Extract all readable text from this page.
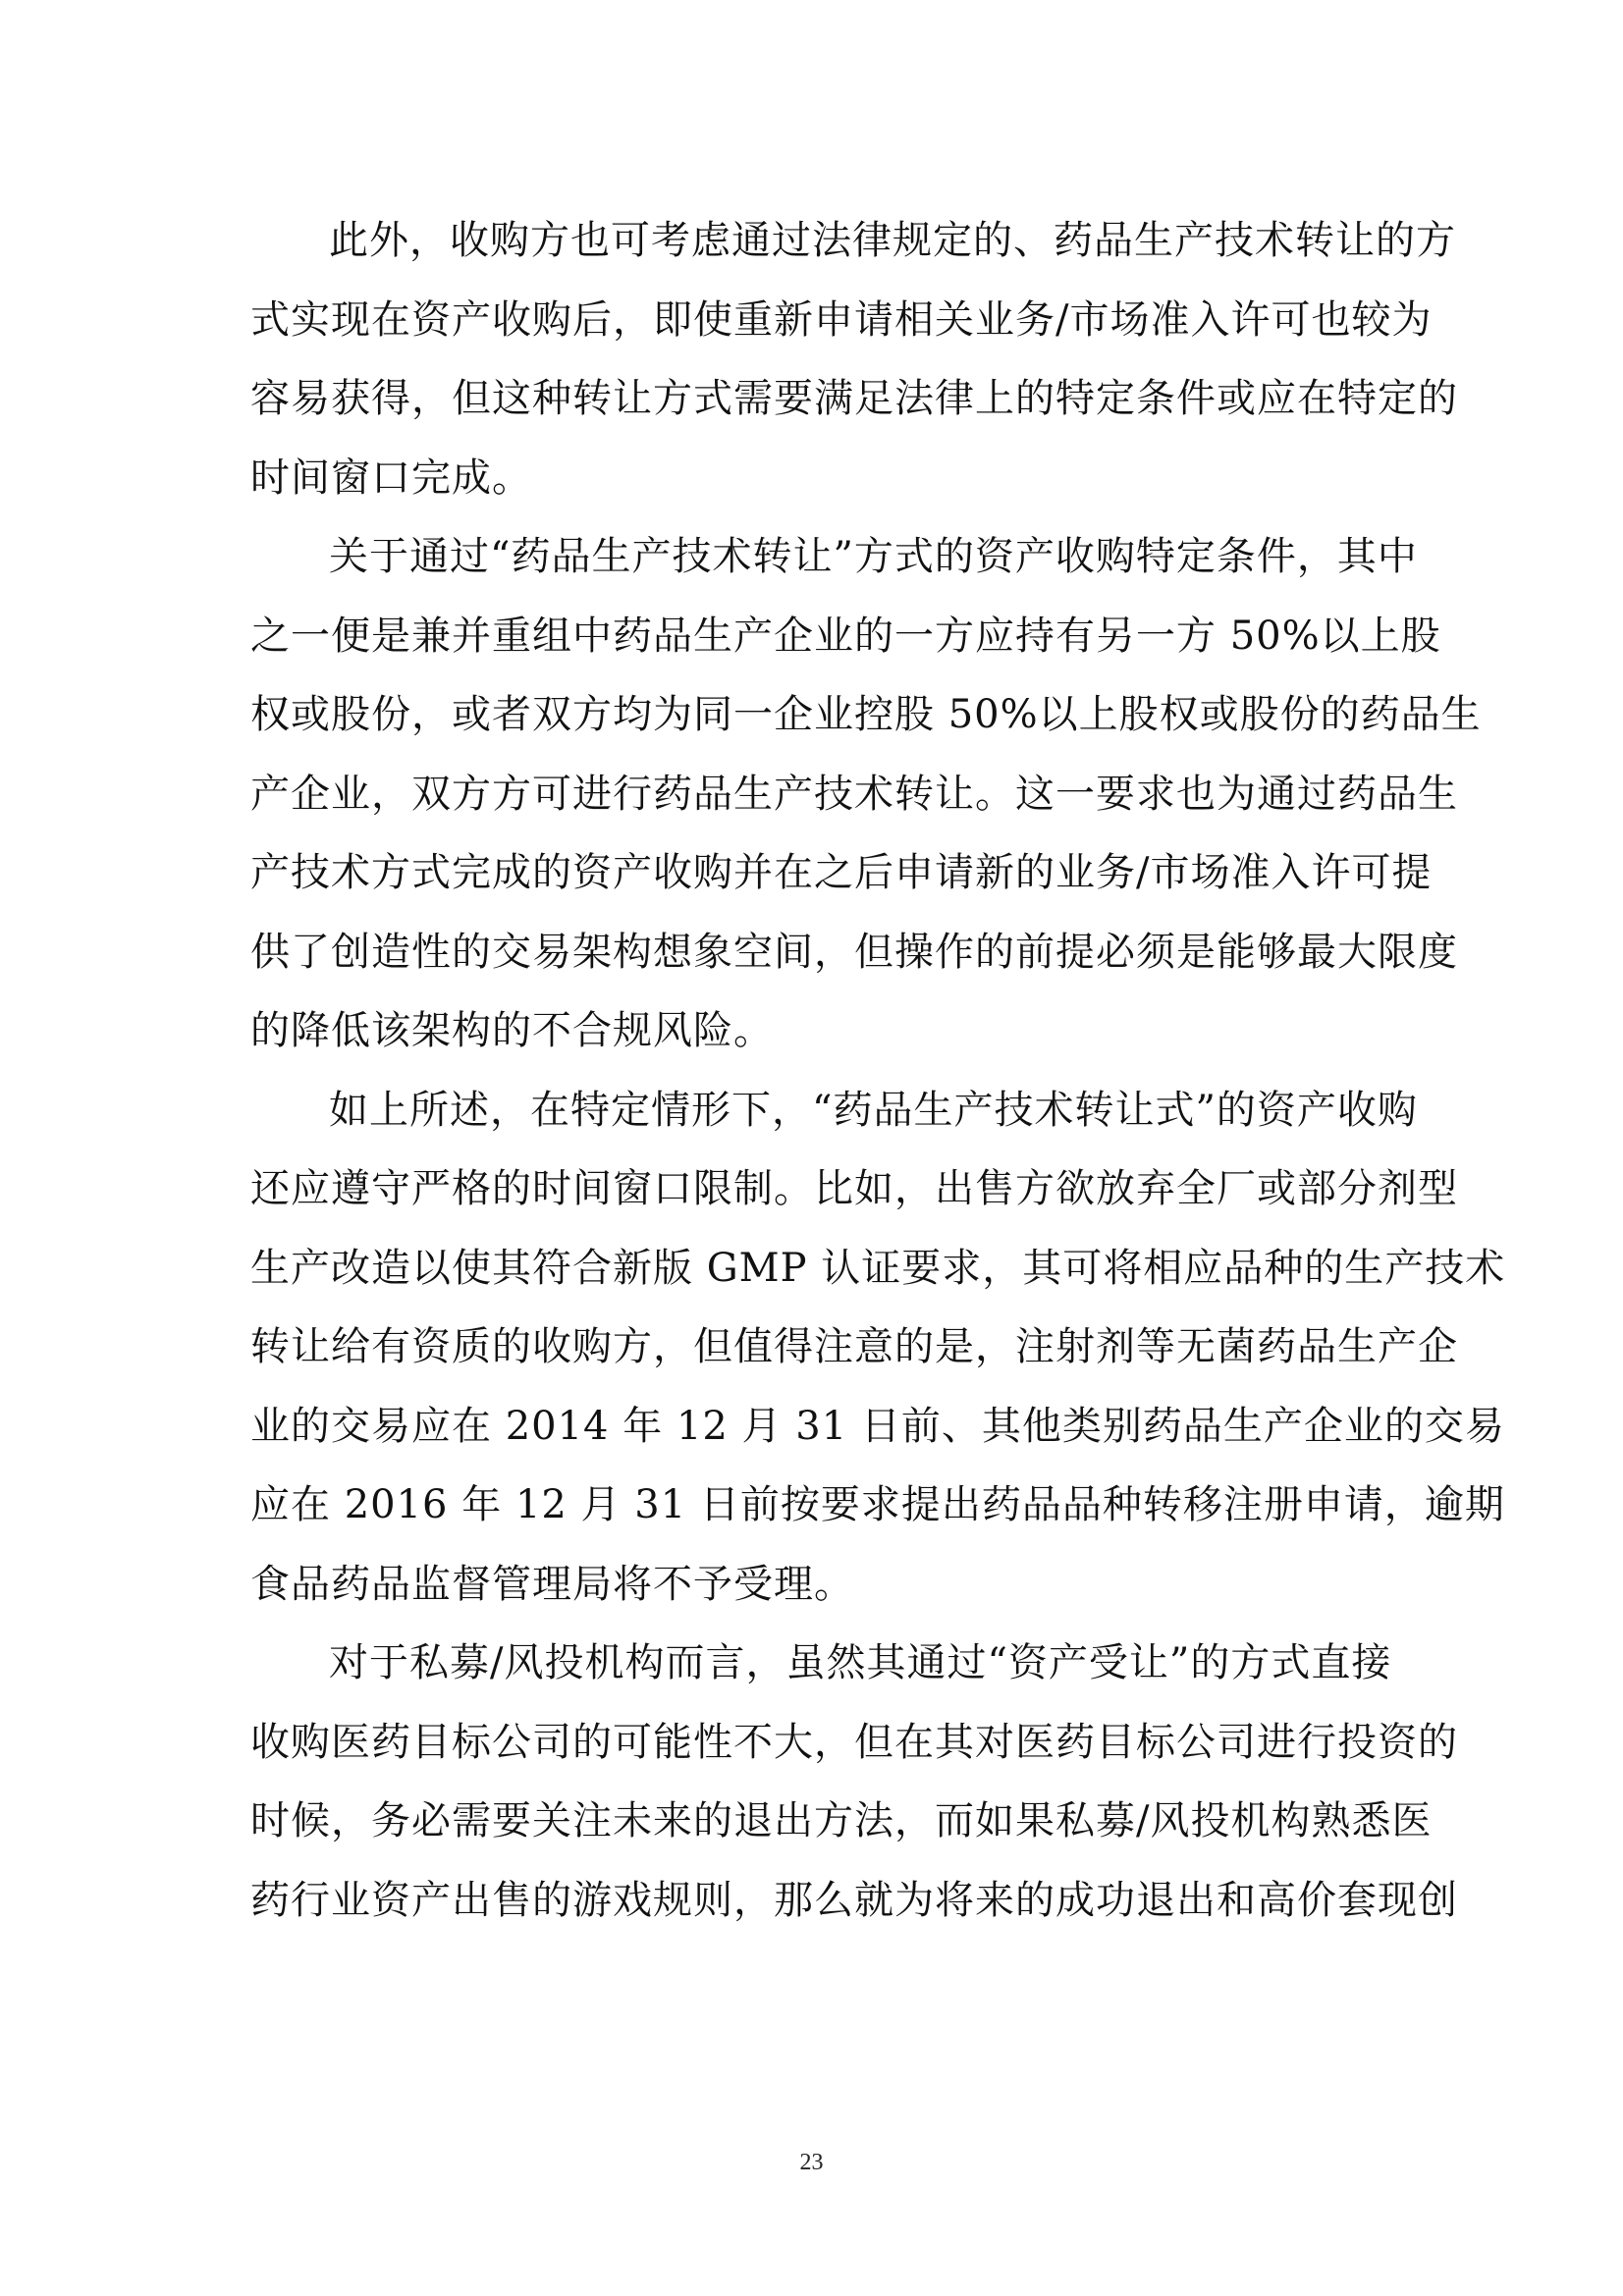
此外，收购方也可考虑通过法律规定的、药品生产技术转让的方
式实现在资产收购后，即使重新申请相关业务/市场准入许可也较为
容易获得，但这种转让方式需要满足法律上的特定条件或应在特定的
时间窗口完成。

关于通过“药品生产技术转让”方式的资产收购特定条件，其中
之一便是兼并重组中药品生产企业的一方应持有另一方 50%以上股
权或股份，或者双方均为同一企业控股 50%以上股权或股份的药品生
产企业，双方方可进行药品生产技术转让。这一要求也为通过药品生
产技术方式完成的资产收购并在之后申请新的业务/市场准入许可提
供了创造性的交易架构想象空间，但操作的前提必须是能够最大限度
的降低该架构的不合规风险。

如上所述，在特定情形下，“药品生产技术转让式”的资产收购
还应遵守严格的时间窗口限制。比如，出售方欲放弃全厂或部分剂型
生产改造以使其符合新版 GMP 认证要求，其可将相应品种的生产技术
转让给有资质的收购方，但值得注意的是，注射剂等无菌药品生产企
业的交易应在 2014 年 12 月 31 日前、其他类别药品生产企业的交易
应在 2016 年 12 月 31 日前按要求提出药品品种转移注册申请，逾期
食品药品监督管理局将不予受理。

对于私募/风投机构而言，虽然其通过“资产受让”的方式直接
收购医药目标公司的可能性不大，但在其对医药目标公司进行投资的
时候，务必需要关注未来的退出方法，而如果私募/风投机构熟悉医
药行业资产出售的游戏规则，那么就为将来的成功退出和高价套现创

23
